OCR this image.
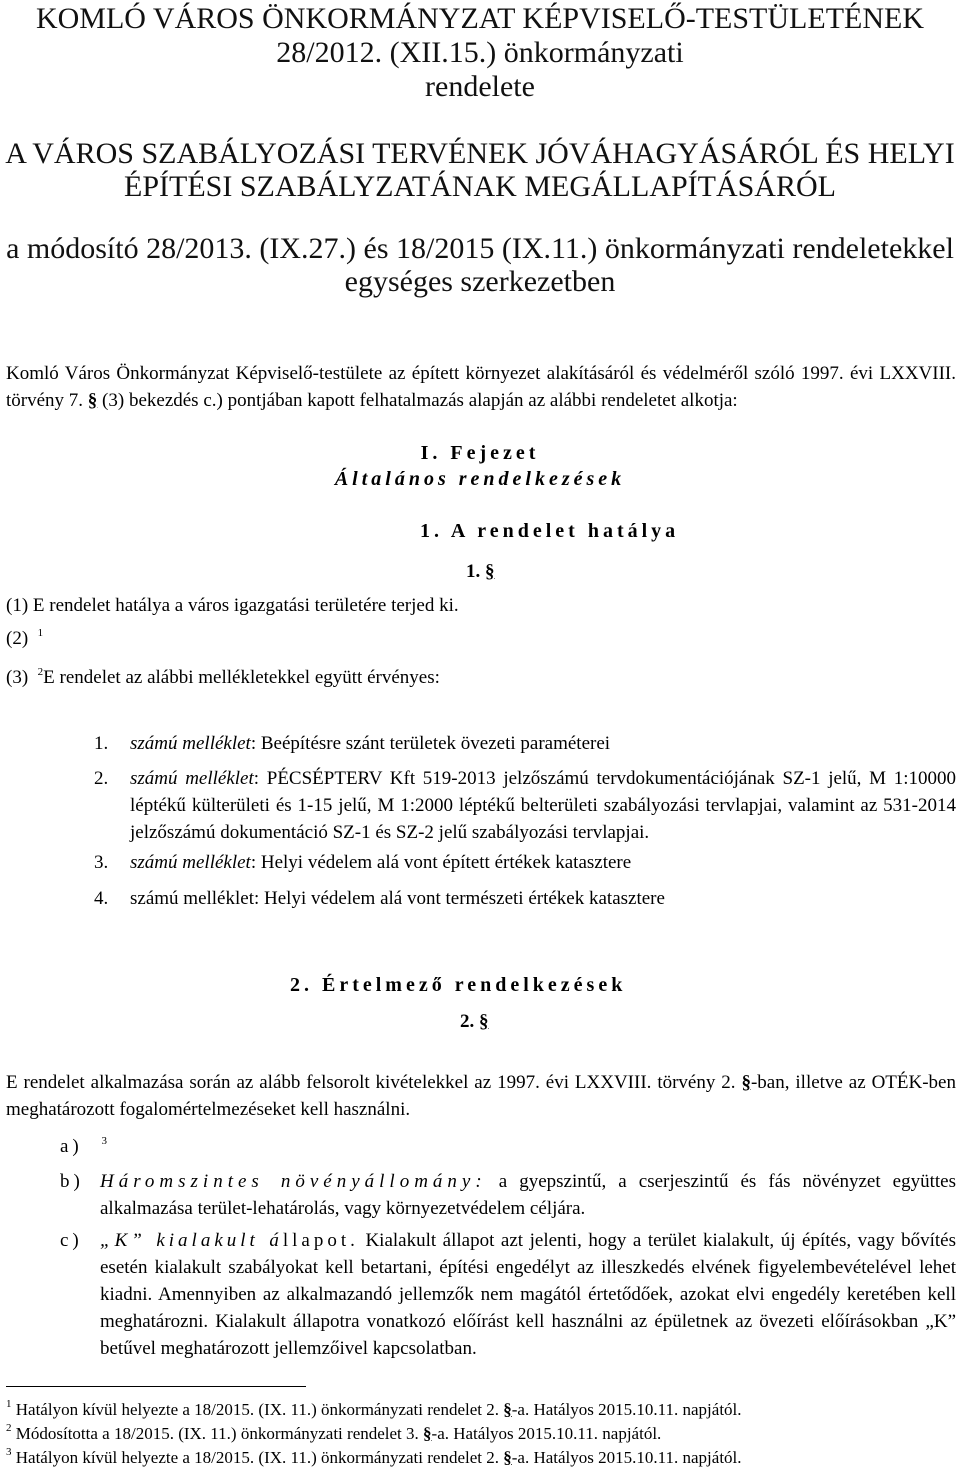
KOMLÓ VÁROS ÖNKORMÁNYZAT KÉPVISELŐ-TESTÜLETÉNEK
28/2012. (XII.15.) önkormányzati
rendelete
A VÁROS SZABÁLYOZÁSI TERVÉNEK JÓVÁHAGYÁSÁRÓL ÉS HELYI
ÉPÍTÉSI SZABÁLYZATÁNAK MEGÁLLAPÍTÁSÁRÓL
a módosító 28/2013. (IX.27.) és 18/2015 (IX.11.) önkormányzati rendeletekkel
egységes szerkezetben
Komló Város Önkormányzat Képviselő-testülete az épített környezet alakításáról és védelméről szóló 1997. évi LXXVIII. törvény 7. § (3) bekezdés c.) pontjában kapott felhatalmazás alapján az alábbi rendeletet alkotja:
I. Fejezet
Általános rendelkezések
1. A rendelet hatálya
1. §
(1) E rendelet hatálya a város igazgatási területére terjed ki.
(2) $^1$
(3) $^2$E rendelet az alábbi mellékletekkel együtt érvényes:
1. számú melléklet: Beépítésre szánt területek övezeti paraméterei
2. számú melléklet: PÉCSÉPTERV Kft 519-2013 jelzőszámú tervdokumentációjának SZ-1 jelű, M 1:10000 léptékű külterületi és 1-15 jelű, M 1:2000 léptékű belterületi szabályozási tervlapjai, valamint az 531-2014 jelzőszámú dokumentáció SZ-1 és SZ-2 jelű szabályozási tervlapjai.
3. számú melléklet: Helyi védelem alá vont épített értékek katasztere
4. számú melléklet: Helyi védelem alá vont természeti értékek katasztere
2. Értelmező rendelkezések
2. §
E rendelet alkalmazása során az alább felsorolt kivételekkel az 1997. évi LXXVIII. törvény 2. §-ban, illetve az OTÉK-ben meghatározott fogalomértelmezéseket kell használni.
a) $^3$
b) Háromszintes növényállomány: a gyepszintű, a cserjeszintű és fás növényzet együttes alkalmazása terület-lehatárolás, vagy környezetvédelem céljára.
c) „K” kialakult állapot. Kialakult állapot azt jelenti, hogy a terület kialakult, új építés, vagy bővítés esetén kialakult szabályokat kell betartani, építési engedélyt az illeszkedés elvének figyelembevételével lehet kiadni. Amennyiben az alkalmazandó jellemzők nem magától értetődőek, azokat elvi engedély keretében kell meghatározni. Kialakult állapotra vonatkozó előírást kell használni az épületnek az övezeti előírásokban „K” betűvel meghatározott jellemzőivel kapcsolatban.
$^1$ Hatályon kívül helyezte a 18/2015. (IX. 11.) önkormányzati rendelet 2. §-a. Hatályos 2015.10.11. napjától.
$^2$ Módosította a 18/2015. (IX. 11.) önkormányzati rendelet 3. §-a. Hatályos 2015.10.11. napjától.
$^3$ Hatályon kívül helyezte a 18/2015. (IX. 11.) önkormányzati rendelet 2. §-a. Hatályos 2015.10.11. napjától.
